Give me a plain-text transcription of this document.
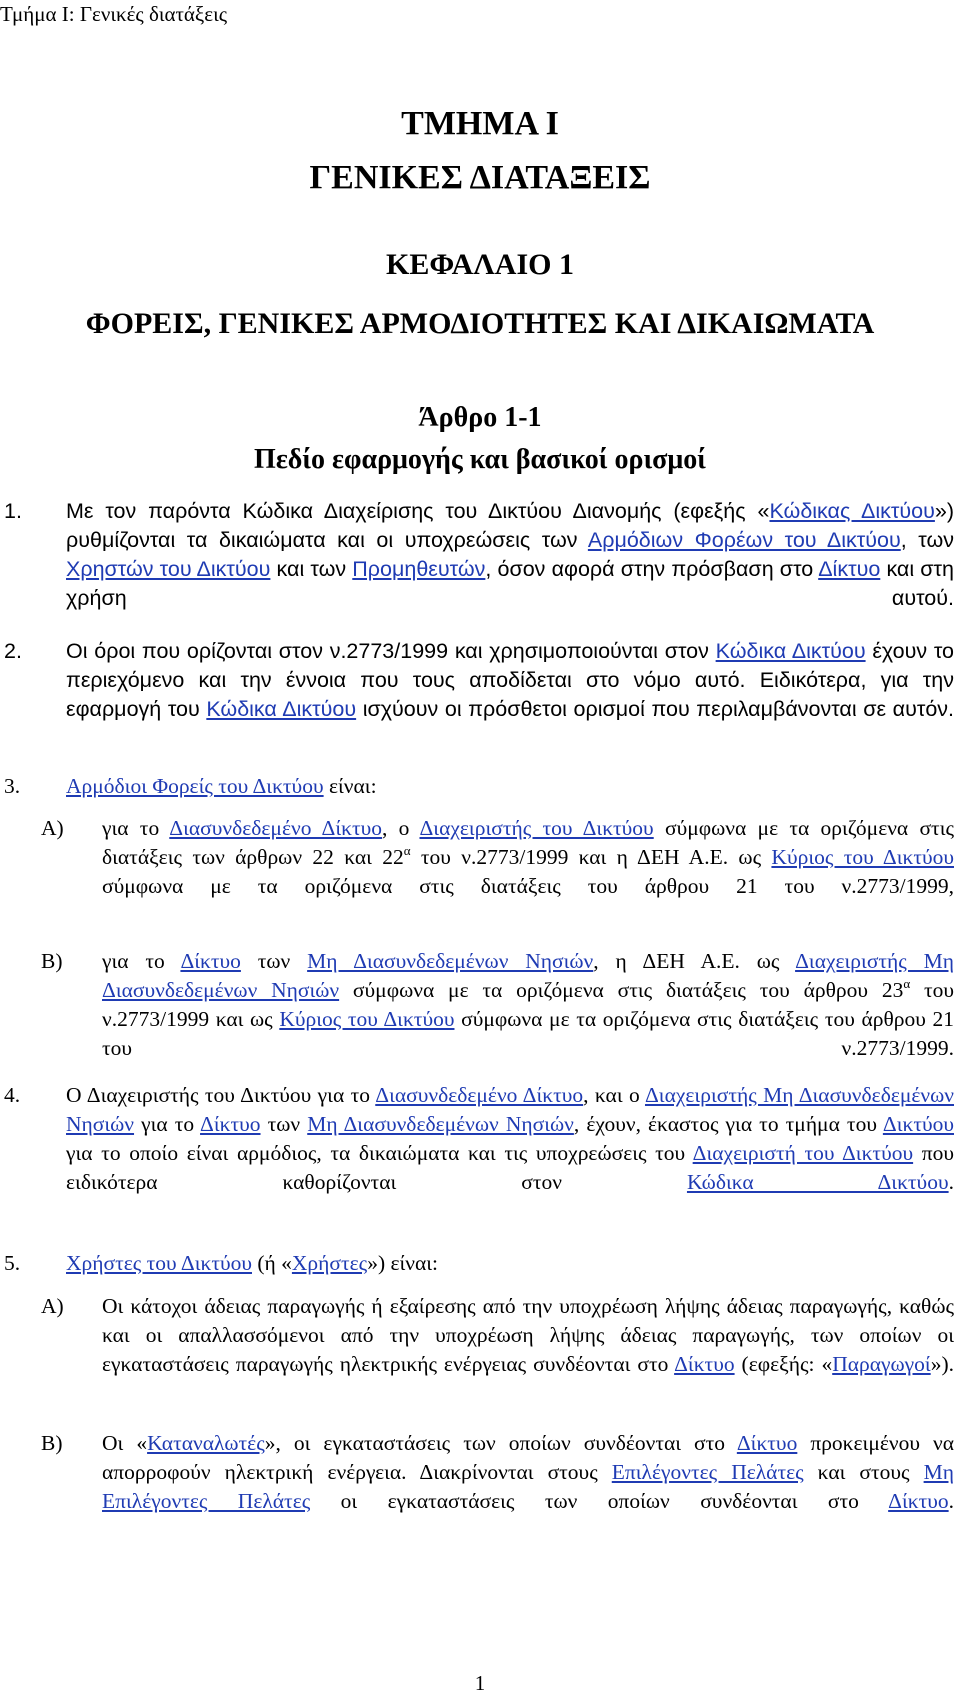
Τμήμα Ι: Γενικές διατάξεις
ΤΜΗΜΑ Ι
ΓΕΝΙΚΕΣ ΔΙΑΤΑΞΕΙΣ
ΚΕΦΑΛΑΙΟ 1
ΦΟΡΕΙΣ, ΓΕΝΙΚΕΣ ΑΡΜΟΔΙΟΤΗΤΕΣ ΚΑΙ ΔΙΚΑΙΩΜΑΤΑ
Άρθρο 1-1
Πεδίο εφαρμογής και βασικοί ορισμοί
1. Με τον παρόντα Κώδικα Διαχείρισης του Δικτύου Διανομής (εφεξής «Κώδικας Δικτύου») ρυθμίζονται τα δικαιώματα και οι υποχρεώσεις των Αρμόδιων Φορέων του Δικτύου, των Χρηστών του Δικτύου και των Προμηθευτών, όσον αφορά στην πρόσβαση στο Δίκτυο και στη χρήση αυτού.
2. Οι όροι που ορίζονται στον ν.2773/1999 και χρησιμοποιούνται στον Κώδικα Δικτύου έχουν το περιεχόμενο και την έννοια που τους αποδίδεται στο νόμο αυτό. Ειδικότερα, για την εφαρμογή του Κώδικα Δικτύου ισχύουν οι πρόσθετοι ορισμοί που περιλαμβάνονται σε αυτόν.
3. Αρμόδιοι Φορείς του Δικτύου είναι:
Α) για το Διασυνδεδεμένο Δίκτυο, ο Διαχειριστής του Δικτύου σύμφωνα με τα οριζόμενα στις διατάξεις των άρθρων 22 και $22^\alpha$ του ν.2773/1999 και η ΔΕΗ Α.Ε. ως Κύριος του Δικτύου σύμφωνα με τα οριζόμενα στις διατάξεις του άρθρου 21 του ν.2773/1999,
Β) για το Δίκτυο των Μη Διασυνδεδεμένων Νησιών, η ΔΕΗ Α.Ε. ως Διαχειριστής Μη Διασυνδεδεμένων Νησιών σύμφωνα με τα οριζόμενα στις διατάξεις του άρθρου $23^\alpha$ του ν.2773/1999 και ως Κύριος του Δικτύου σύμφωνα με τα οριζόμενα στις διατάξεις του άρθρου 21 του ν.2773/1999.
4. Ο Διαχειριστής του Δικτύου για το Διασυνδεδεμένο Δίκτυο, και ο Διαχειριστής Μη Διασυνδεδεμένων Νησιών για το Δίκτυο των Μη Διασυνδεδεμένων Νησιών, έχουν, έκαστος για το τμήμα του Δικτύου για το οποίο είναι αρμόδιος, τα δικαιώματα και τις υποχρεώσεις του Διαχειριστή του Δικτύου που ειδικότερα καθορίζονται στον Κώδικα Δικτύου.
5. Χρήστες του Δικτύου (ή «Χρήστες») είναι:
Α) Οι κάτοχοι άδειας παραγωγής ή εξαίρεσης από την υποχρέωση λήψης άδειας παραγωγής, καθώς και οι απαλλασσόμενοι από την υποχρέωση λήψης άδειας παραγωγής, των οποίων οι εγκαταστάσεις παραγωγής ηλεκτρικής ενέργειας συνδέονται στο Δίκτυο (εφεξής: «Παραγωγοί»).
Β) Οι «Καταναλωτές», οι εγκαταστάσεις των οποίων συνδέονται στο Δίκτυο προκειμένου να απορροφούν ηλεκτρική ενέργεια. Διακρίνονται στους Επιλέγοντες Πελάτες και στους Μη Επιλέγοντες Πελάτες οι εγκαταστάσεις των οποίων συνδέονται στο Δίκτυο.
1
